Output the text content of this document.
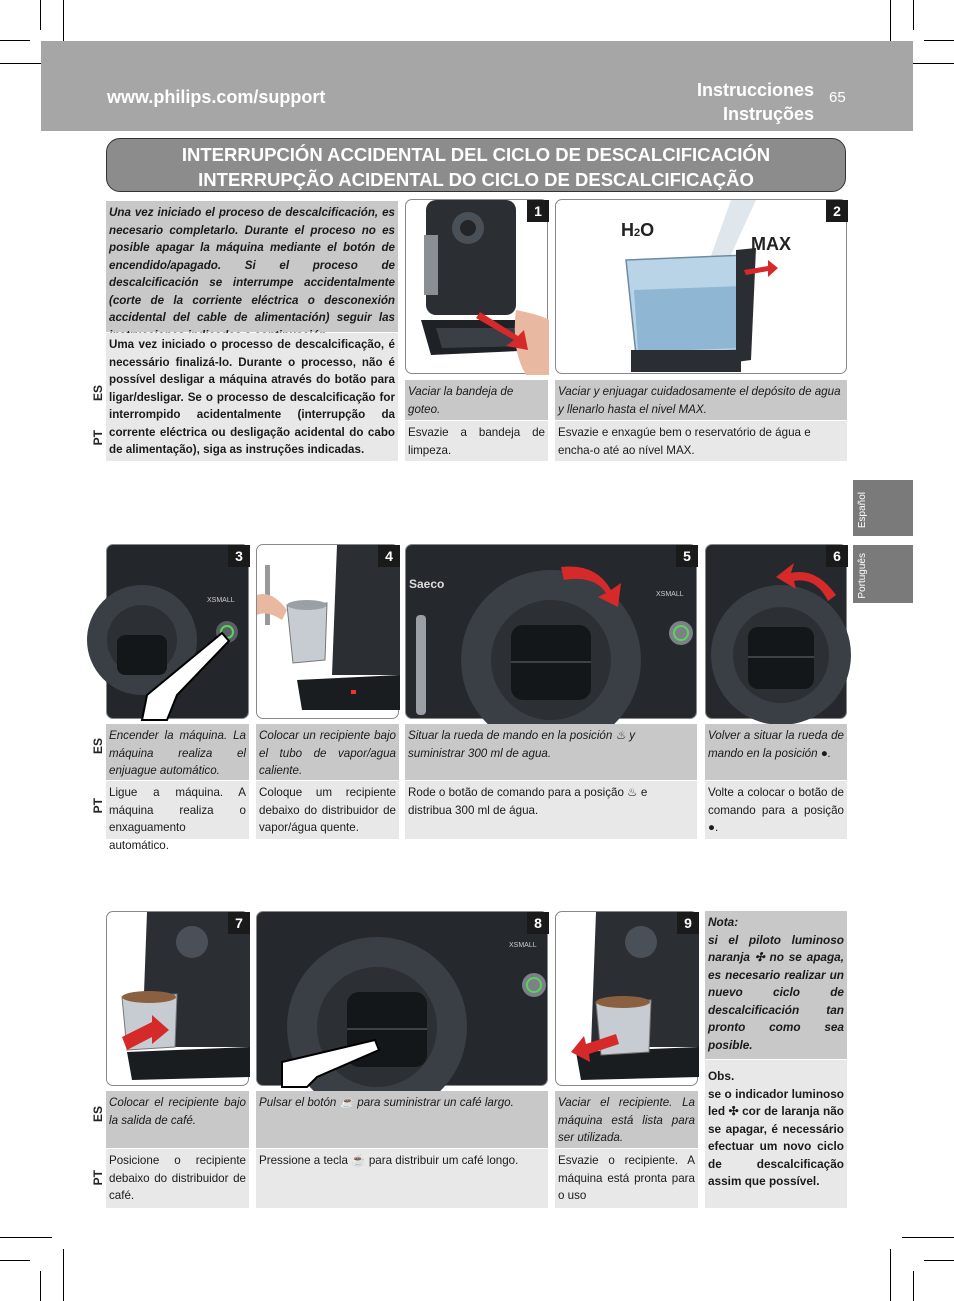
www.philips.com/support	Instrucciones
Instruções
65
INTERRUPCIÓN ACCIDENTAL DEL CICLO DE DESCALCIFICACIÓN
INTERRUPÇÃO ACIDENTAL DO CICLO DE DESCALCIFICAÇÃO
Español
Português
Una vez iniciado el proceso de descalcificación, es necesario completarlo. Durante el proceso no es posible apagar la máquina mediante el botón de encendido/apagado. Si el proceso de descalcificación se interrumpe accidentalmente (corte de la corriente eléctrica o desconexión accidental del cable de alimentación) seguir las
Uma vez iniciado o processo de descalcificação, é necessário finalizá-lo. Durante o processo, não é possível desligar a máquina através do botão para ligar/desligar. Se o processo de descalcificação for interrompido acidentalmente (interrupção da corrente eléctrica ou desligação acidental do cabo de alimentação), siga as instruções indicadas.
ES
PT
1
H2O
MAX
2
Vaciar la bandeja de goteo.
Esvazie a bandeja de limpeza.
Vaciar y enjuagar cuidadosamente el depósito de agua y llenarlo hasta el nivel MAX.
Esvazie e enxagúe bem o reservatório de água e encha-o até ao nível MAX.
XSMALL
3	4
Saeco
XSMALL
5	6
ES
PT
Encender la máquina. La máquina realiza el enjuague automático.
Ligue a máquina. A máquina realiza o enxaguamento automático.
Colocar un recipiente bajo el tubo de vapor/agua caliente.
Coloque um recipiente debaixo do distribuidor de vapor/água quente.
Situar la rueda de mando en la posición ♨ y suministrar 300 ml de agua.
Rode o botão de comando para a posição ♨ e distribua 300 ml de água.
Volver a situar la rueda de mando en la posición ●.
Volte a colocar o botão de comando para a posição ●.
7
XSMALL
8	9	Nota:
si el piloto luminoso naranja ✣ no se apaga, es necesario realizar un nuevo ciclo de descalcificación tan pronto como sea posible.
Obs.
se o indicador luminoso led ✣ cor de laranja não se apagar, é necessário efectuar um novo ciclo de descalcificação assim que possível.
ES
PT
Colocar el recipiente bajo la salida de café.
Posicione o recipiente debaixo do distribuidor de café.
Pulsar el botón ☕ para suministrar un café largo.
Pressione a tecla ☕ para distribuir um café longo.
Vaciar el recipiente. La máquina está lista para ser utilizada.
Esvazie o recipiente. A máquina está pronta para o uso
